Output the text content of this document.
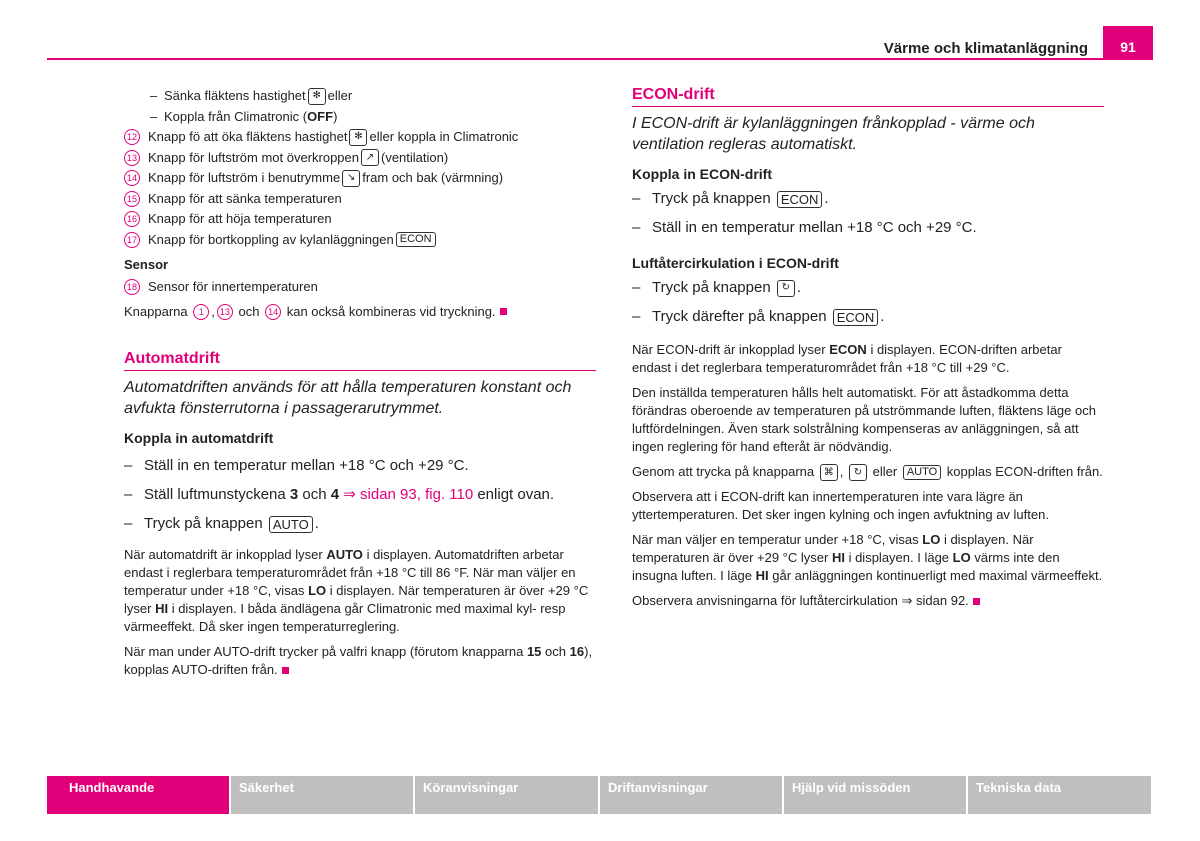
Värme och klimatanläggning 91
– Sänka fläktens hastighet ✻ eller
– Koppla från Climatronic ( OFF )
12 Knapp fö att öka fläktens hastighet ✻ eller koppla in Climatronic
13 Knapp för luftström mot överkroppen ↗ (ventilation)
14 Knapp för luftström i benutrymme ↘ fram och bak (värmning)
15 Knapp för att sänka temperaturen
16 Knapp för att höja temperaturen
17 Knapp för bortkoppling av kylanläggningen ECON
Sensor
18 Sensor för innertemperaturen
Knapparna
	1 , 13
och
14
kan också kombineras vid tryckning.
Automatdrift
Automatdriften används för att hålla temperaturen konstant och avfukta fönsterrutorna i passagerarutrymmet.
Koppla in automatdrift
– Ställ in en temperatur mellan +18 °C och +29 °C.
– Ställ luftmunstyckena 3 och 4 ⇒ sidan 93, fig. 110 enligt ovan.
– Tryck på knappen AUTO .
När automatdrift är inkopplad lyser AUTO i displayen. Automatdriften arbetar endast i reglerbara temperaturområdet från +18 °C till 86 °F. När man väljer en temperatur under +18 °C, visas LO i displayen. När temperaturen är över +29 °C lyser HI i displayen. I båda ändlägena går Climatronic med maximal kyl- resp värmeeffekt. Då sker ingen temperaturreglering.
När man under AUTO-drift trycker på valfri knapp (förutom knapparna 15 och 16), kopplas AUTO-driften från.
ECON-drift
I ECON-drift är kylanläggningen frånkopplad - värme och ventilation regleras automatiskt.
Koppla in ECON-drift
– Tryck på knappen ECON .
– Ställ in en temperatur mellan +18 °C och +29 °C.
Luftåtercirkulation i ECON-drift
– Tryck på knappen ↻ .
– Tryck därefter på knappen ECON .
När ECON-drift är inkopplad lyser ECON i displayen. ECON-driften arbetar endast i det reglerbara temperaturområdet från +18 °C till +29 °C.
Den inställda temperaturen hålls helt automatiskt. För att åstadkomma detta förändras oberoende av temperaturen på utströmmande luften, fläktens läge och luftfördelningen. Även stark solstrålning kompenseras av anläggningen, så att ingen reglering för hand efteråt är nödvändig.
Genom att trycka på knapparna ⌘ , ↻ eller AUTO kopplas ECON-driften från.
Observera att i ECON-drift kan innertemperaturen inte vara lägre än yttertemperaturen. Det sker ingen kylning och ingen avfuktning av luften.
När man väljer en temperatur under +18 °C, visas LO i displayen. När temperaturen är över +29 °C lyser HI i displayen. I läge LO värms inte den insugna luften. I läge HI går anläggningen kontinuerligt med maximal värmeeffekt.
Observera anvisningarna för luftåtercirkulation ⇒ sidan 92.
Handhavande	Säkerhet	Köranvisningar	Driftanvisningar	Hjälp vid missöden	Tekniska data
